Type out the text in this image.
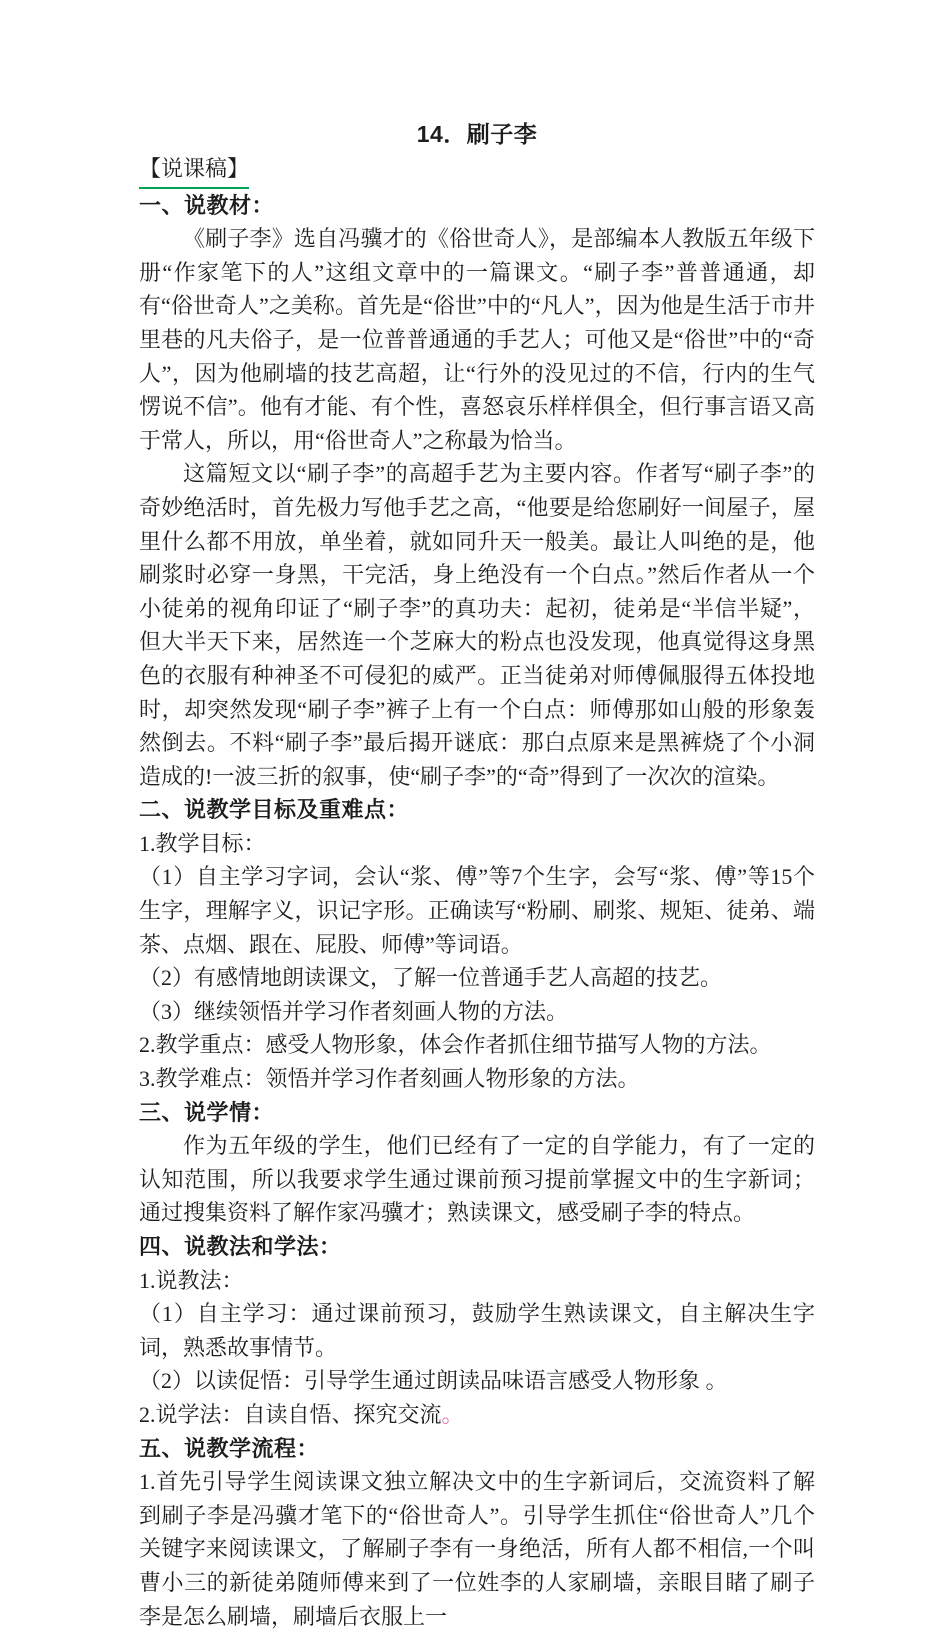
14．刷子李
【说课稿】
一、说教材：
《刷子李》选自冯骥才的《俗世奇人》，是部编本人教版五年级下册“作家笔下的人”这组文章中的一篇课文。“刷子李”普普通通，却有“俗世奇人”之美称。首先是“俗世”中的“凡人”，因为他是生活于市井里巷的凡夫俗子，是一位普普通通的手艺人；可他又是“俗世”中的“奇人”，因为他刷墙的技艺高超，让“行外的没见过的不信，行内的生气愣说不信”。他有才能、有个性，喜怒哀乐样样俱全，但行事言语又高于常人，所以，用“俗世奇人”之称最为恰当。
这篇短文以“刷子李”的高超手艺为主要内容。作者写“刷子李”的奇妙绝活时，首先极力写他手艺之高，“他要是给您刷好一间屋子，屋里什么都不用放，单坐着，就如同升天一般美。最让人叫绝的是，他刷浆时必穿一身黑，干完活，身上绝没有一个白点。”然后作者从一个小徒弟的视角印证了“刷子李”的真功夫：起初，徒弟是“半信半疑”，但大半天下来，居然连一个芝麻大的粉点也没发现，他真觉得这身黑色的衣服有种神圣不可侵犯的威严。正当徒弟对师傅佩服得五体投地时，却突然发现“刷子李”裤子上有一个白点：师傅那如山般的形象轰然倒去。不料“刷子李”最后揭开谜底：那白点原来是黑裤烧了个小洞造成的!一波三折的叙事，使“刷子李”的“奇”得到了一次次的渲染。
二、说教学目标及重难点：
1.教学目标：
（1）自主学习字词，会认“浆、傅”等7个生字，会写“浆、傅”等15个生字，理解字义，识记字形。正确读写“粉刷、刷浆、规矩、徒弟、端茶、点烟、跟在、屁股、师傅”等词语。
（2）有感情地朗读课文，了解一位普通手艺人高超的技艺。
（3）继续领悟并学习作者刻画人物的方法。
2.教学重点：感受人物形象，体会作者抓住细节描写人物的方法。
3.教学难点：领悟并学习作者刻画人物形象的方法。
三、说学情：
作为五年级的学生，他们已经有了一定的自学能力，有了一定的认知范围，所以我要求学生通过课前预习提前掌握文中的生字新词；通过搜集资料了解作家冯骥才；熟读课文，感受刷子李的特点。
四、说教法和学法：
1.说教法：
（1）自主学习：通过课前预习，鼓励学生熟读课文，自主解决生字词，熟悉故事情节。
（2）以读促悟：引导学生通过朗读品味语言感受人物形象 。
2.说学法：自读自悟、探究交流。
五、说教学流程：
1.首先引导学生阅读课文独立解决文中的生字新词后，交流资料了解到刷子李是冯骥才笔下的“俗世奇人”。引导学生抓住“俗世奇人”几个关键字来阅读课文，了解刷子李有一身绝活，所有人都不相信,一个叫曹小三的新徒弟随师傅来到了一位姓李的人家刷墙，亲眼目睹了刷子李是怎么刷墙，刷墙后衣服上一
